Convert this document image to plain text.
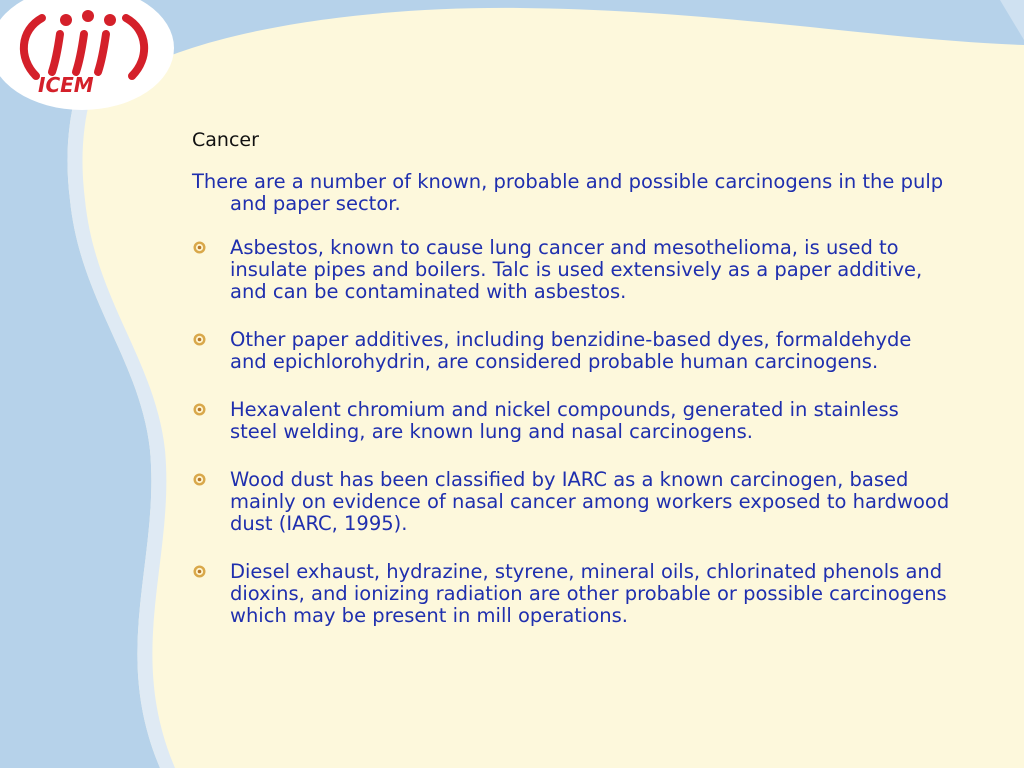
ICEM
Cancer

There are a number of known, probable and possible carcinogens in the pulp and paper sector.

Asbestos, known to cause lung cancer and mesothelioma, is used to insulate pipes and boilers. Talc is used extensively as a paper additive, and can be contaminated with asbestos.
Other paper additives, including benzidine-based dyes, formaldehyde and epichlorohydrin, are considered probable human carcinogens.
Hexavalent chromium and nickel compounds, generated in stainless steel welding, are known lung and nasal carcinogens.
Wood dust has been classified by IARC as a known carcinogen, based mainly on evidence of nasal cancer among workers exposed to hardwood dust (IARC, 1995).
Diesel exhaust, hydrazine, styrene, mineral oils, chlorinated phenols and dioxins, and ionizing radiation are other probable or possible carcinogens which may be present in mill operations.
